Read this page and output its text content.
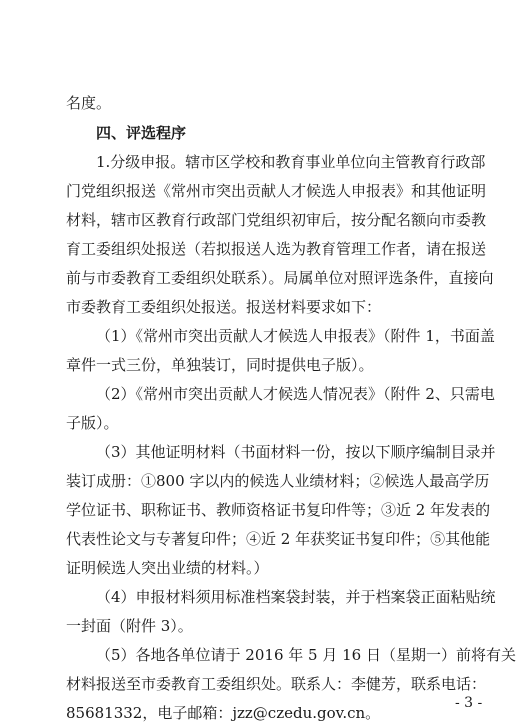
名度。
四、评选程序
1.分级申报。辖市区学校和教育事业单位向主管教育行政部
门党组织报送《常州市突出贡献人才候选人申报表》和其他证明
材料，辖市区教育行政部门党组织初审后，按分配名额向市委教
育工委组织处报送（若拟报送人选为教育管理工作者，请在报送
前与市委教育工委组织处联系）。局属单位对照评选条件，直接向
市委教育工委组织处报送。报送材料要求如下：
（1）《常州市突出贡献人才候选人申报表》（附件 1，书面盖
章件一式三份，单独装订，同时提供电子版）。
（2）《常州市突出贡献人才候选人情况表》（附件 2、只需电
子版）。
（3）其他证明材料（书面材料一份，按以下顺序编制目录并
装订成册：①800 字以内的候选人业绩材料；②候选人最高学历
学位证书、职称证书、教师资格证书复印件等；③近 2 年发表的
代表性论文与专著复印件；④近 2 年获奖证书复印件；⑤其他能
证明候选人突出业绩的材料。）
（4）申报材料须用标准档案袋封装，并于档案袋正面粘贴统
一封面（附件 3）。
（5）各地各单位请于 2016 年 5 月 16 日（星期一）前将有关
材料报送至市委教育工委组织处。联系人：李健芳，联系电话：
85681332，电子邮箱：jzz@czedu.gov.cn。
- 3 -
